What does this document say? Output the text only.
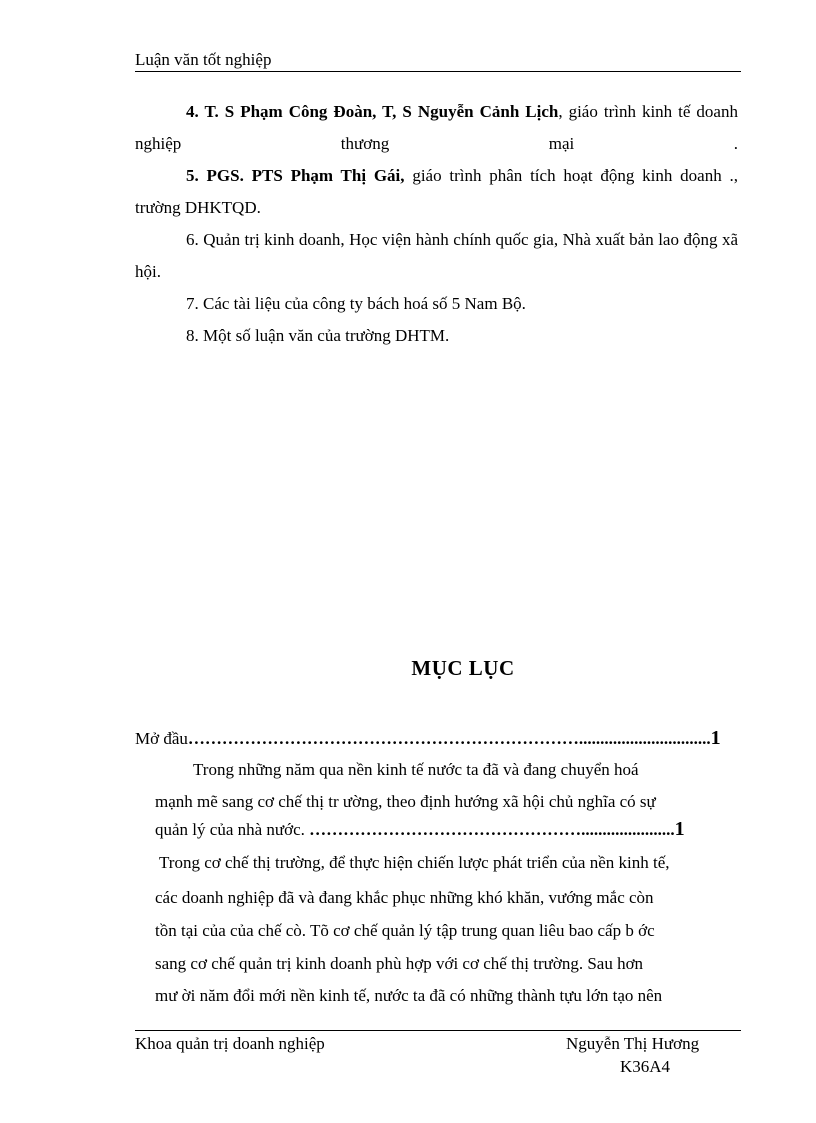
Luận văn tốt nghiệp

4. T. S Phạm Công Đoàn, T, S Nguyễn Cảnh Lịch, giáo trình kinh tế doanh nghiệp thương mại .

5. PGS. PTS Phạm Thị Gái, giáo trình phân tích hoạt động kinh doanh ., trường DHKTQD.

6. Quản trị kinh doanh, Học viện hành chính quốc gia, Nhà xuất bản lao động xã hội.

7. Các tài liệu của công ty bách hoá số 5 Nam Bộ.

8. Một số luận văn của trường DHTM.

MỤC LỤC
Mở đầu……………………………………………………………...............................1
Trong những năm qua nền kinh tế nước ta đã và đang chuyển hoá
mạnh mẽ sang cơ chế thị tr ường, theo định hướng xã hội chủ nghĩa có sự
quản lý của nhà nước. …………………………………………......................1
Trong cơ chế thị trường, để thực hiện chiến lược phát triển của nền kinh tế,
các doanh nghiệp đã và đang khắc phục những khó khăn, vướng mắc còn
tồn tại của của chế cò. Tõ cơ chế quản lý tập trung quan liêu bao cấp b ớc
sang cơ chế quản trị kinh doanh phù hợp với cơ chế thị trường. Sau hơn
mư ời năm đổi mới nền kinh tế, nước ta đã có những thành tựu lớn tạo nên
Khoa quản trị doanh nghiệp	Nguyễn Thị Hương
K36A4
